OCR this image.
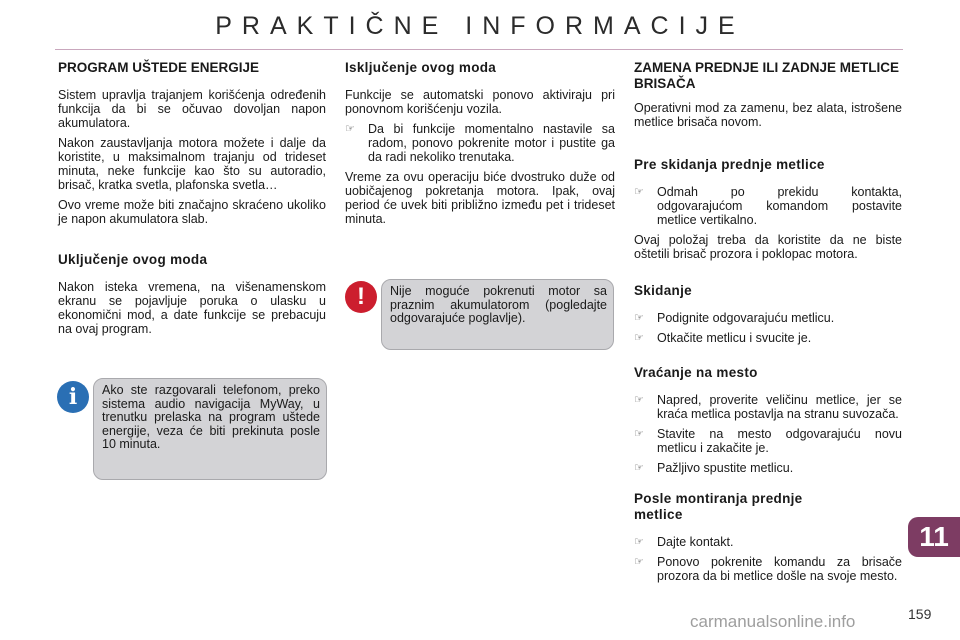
PRAKTIČNE INFORMACIJE
PROGRAM UŠTEDE ENERGIJE

Sistem upravlja trajanjem korišćenja određenih funkcija da bi se očuvao dovoljan napon akumulatora.

Nakon zaustavljanja motora možete i dalje da koristite, u maksimalnom trajanju od trideset minuta, neke funkcije kao što su autoradio, brisač, kratka svetla, plafonska svetla…

Ovo vreme može biti značajno skraćeno ukoliko je napon akumulatora slab.

Uključenje ovog moda

Nakon isteka vremena, na višenamenskom ekranu se pojavljuje poruka o ulasku u ekonomični mod, a date funkcije se prebacuju na ovaj program.

i	Ako ste razgovarali telefonom, preko sistema audio navigacija MyWay, u trenutku prelaska na program uštede energije, veza će biti prekinuta posle 10 minuta.
Isključenje ovog moda

Funkcije se automatski ponovo aktiviraju pri ponovnom korišćenju vozila.

☞ Da bi funkcije momentalno nastavile sa radom, ponovo pokrenite motor i pustite ga da radi nekoliko trenutaka.

Vreme za ovu operaciju biće dvostruko duže od uobičajenog pokretanja motora. Ipak, ovaj period će uvek biti približno između pet i trideset minuta.

!	Nije moguće pokrenuti motor sa praznim akumulatorom (pogledajte odgovarajuće poglavlje).
ZAMENA PREDNJE ILI ZADNJE METLICE BRISAČA

Operativni mod za zamenu, bez alata, istrošene metlice brisača novom.

Pre skidanja prednje metlice
☞ Odmah po prekidu kontakta, odgovarajućom komandom postavite metlice vertikalno.

Ovaj položaj treba da koristite da ne biste oštetili brisač prozora i poklopac motora.

Skidanje
☞ Podignite odgovarajuću metlicu.
☞ Otkačite metlicu i svucite je.
Vraćanje na mesto
☞ Napred, proverite veličinu metlice, jer se kraća metlica postavlja na stranu suvozača.
☞ Stavite na mesto odgovarajuću novu metlicu i zakačite je.
☞ Pažljivo spustite metlicu.
Posle montiranja prednje metlice
☞ Dajte kontakt.
☞ Ponovo pokrenite komandu za brisače prozora da bi metlice došle na svoje mesto.
11
159
carmanualsonline.info
